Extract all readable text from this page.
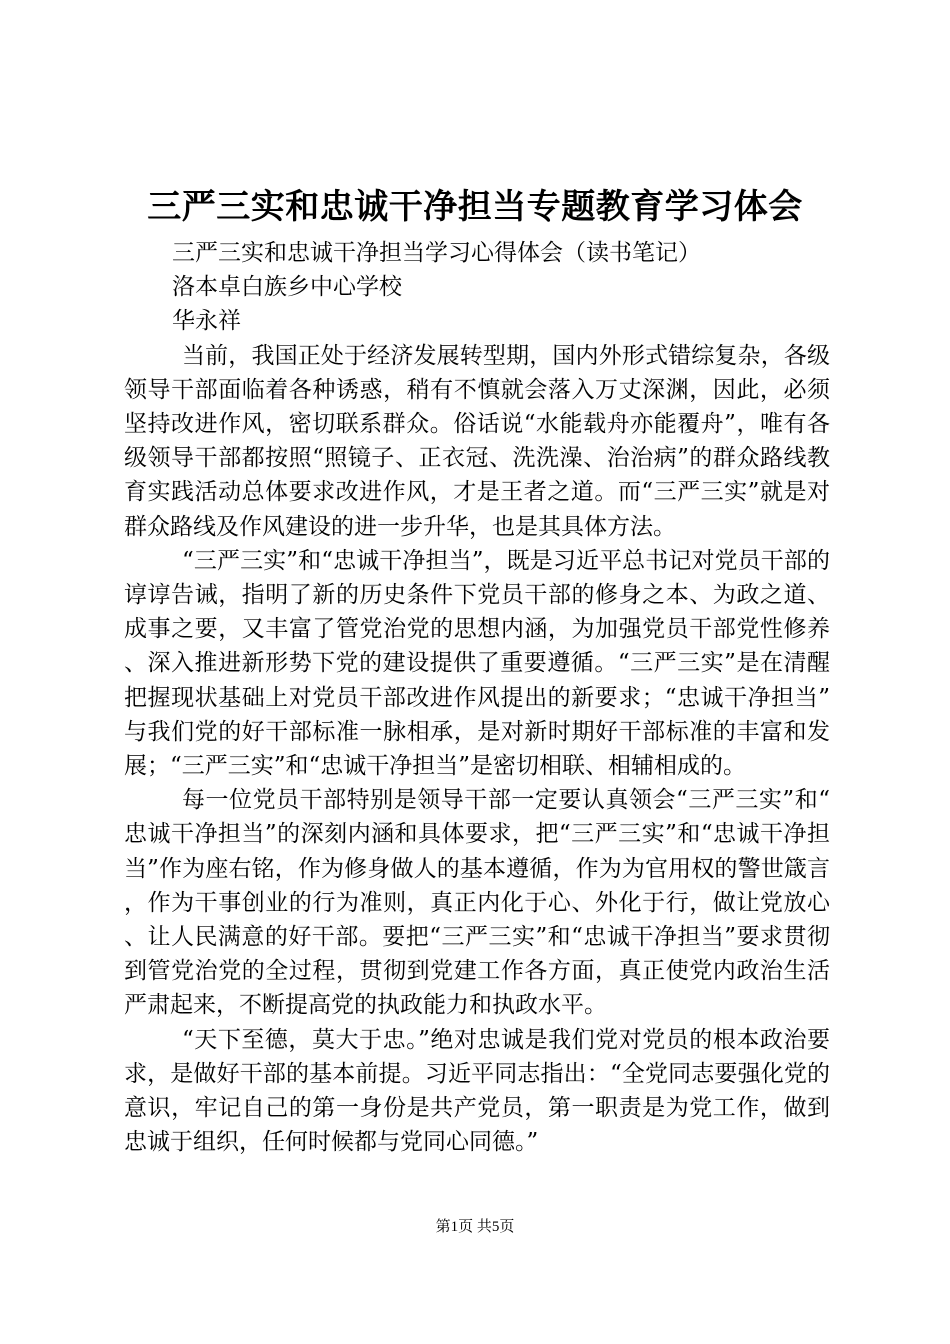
三严三实和忠诚干净担当专题教育学习体会

三严三实和忠诚干净担当学习心得体会（读书笔记）

洛本卓白族乡中心学校

华永祥

当前，我国正处于经济发展转型期，国内外形式错综复杂，各级领导干部面临着各种诱惑，稍有不慎就会落入万丈深渊，因此，必须坚持改进作风，密切联系群众。俗话说“水能载舟亦能覆舟”，唯有各级领导干部都按照“照镜子、正衣冠、洗洗澡、治治病”的群众路线教育实践活动总体要求改进作风，才是王者之道。而“三严三实”就是对群众路线及作风建设的进一步升华，也是其具体方法。

“三严三实”和“忠诚干净担当”，既是习近平总书记对党员干部的谆谆告诫，指明了新的历史条件下党员干部的修身之本、为政之道、成事之要，又丰富了管党治党的思想内涵，为加强党员干部党性修养、深入推进新形势下党的建设提供了重要遵循。“三严三实”是在清醒把握现状基础上对党员干部改进作风提出的新要求；“忠诚干净担当”与我们党的好干部标准一脉相承，是对新时期好干部标准的丰富和发展；“三严三实”和“忠诚干净担当”是密切相联、相辅相成的。

每一位党员干部特别是领导干部一定要认真领会“三严三实”和“忠诚干净担当”的深刻内涵和具体要求，把“三严三实”和“忠诚干净担当”作为座右铭，作为修身做人的基本遵循，作为为官用权的警世箴言，作为干事创业的行为准则，真正内化于心、外化于行，做让党放心、让人民满意的好干部。要把“三严三实”和“忠诚干净担当”要求贯彻到管党治党的全过程，贯彻到党建工作各方面，真正使党内政治生活严肃起来，不断提高党的执政能力和执政水平。

“天下至德，莫大于忠。”绝对忠诚是我们党对党员的根本政治要求，是做好干部的基本前提。习近平同志指出：“全党同志要强化党的意识，牢记自己的第一身份是共产党员，第一职责是为党工作，做到忠诚于组织，任何时候都与党同心同德。”

第1页 共5页
